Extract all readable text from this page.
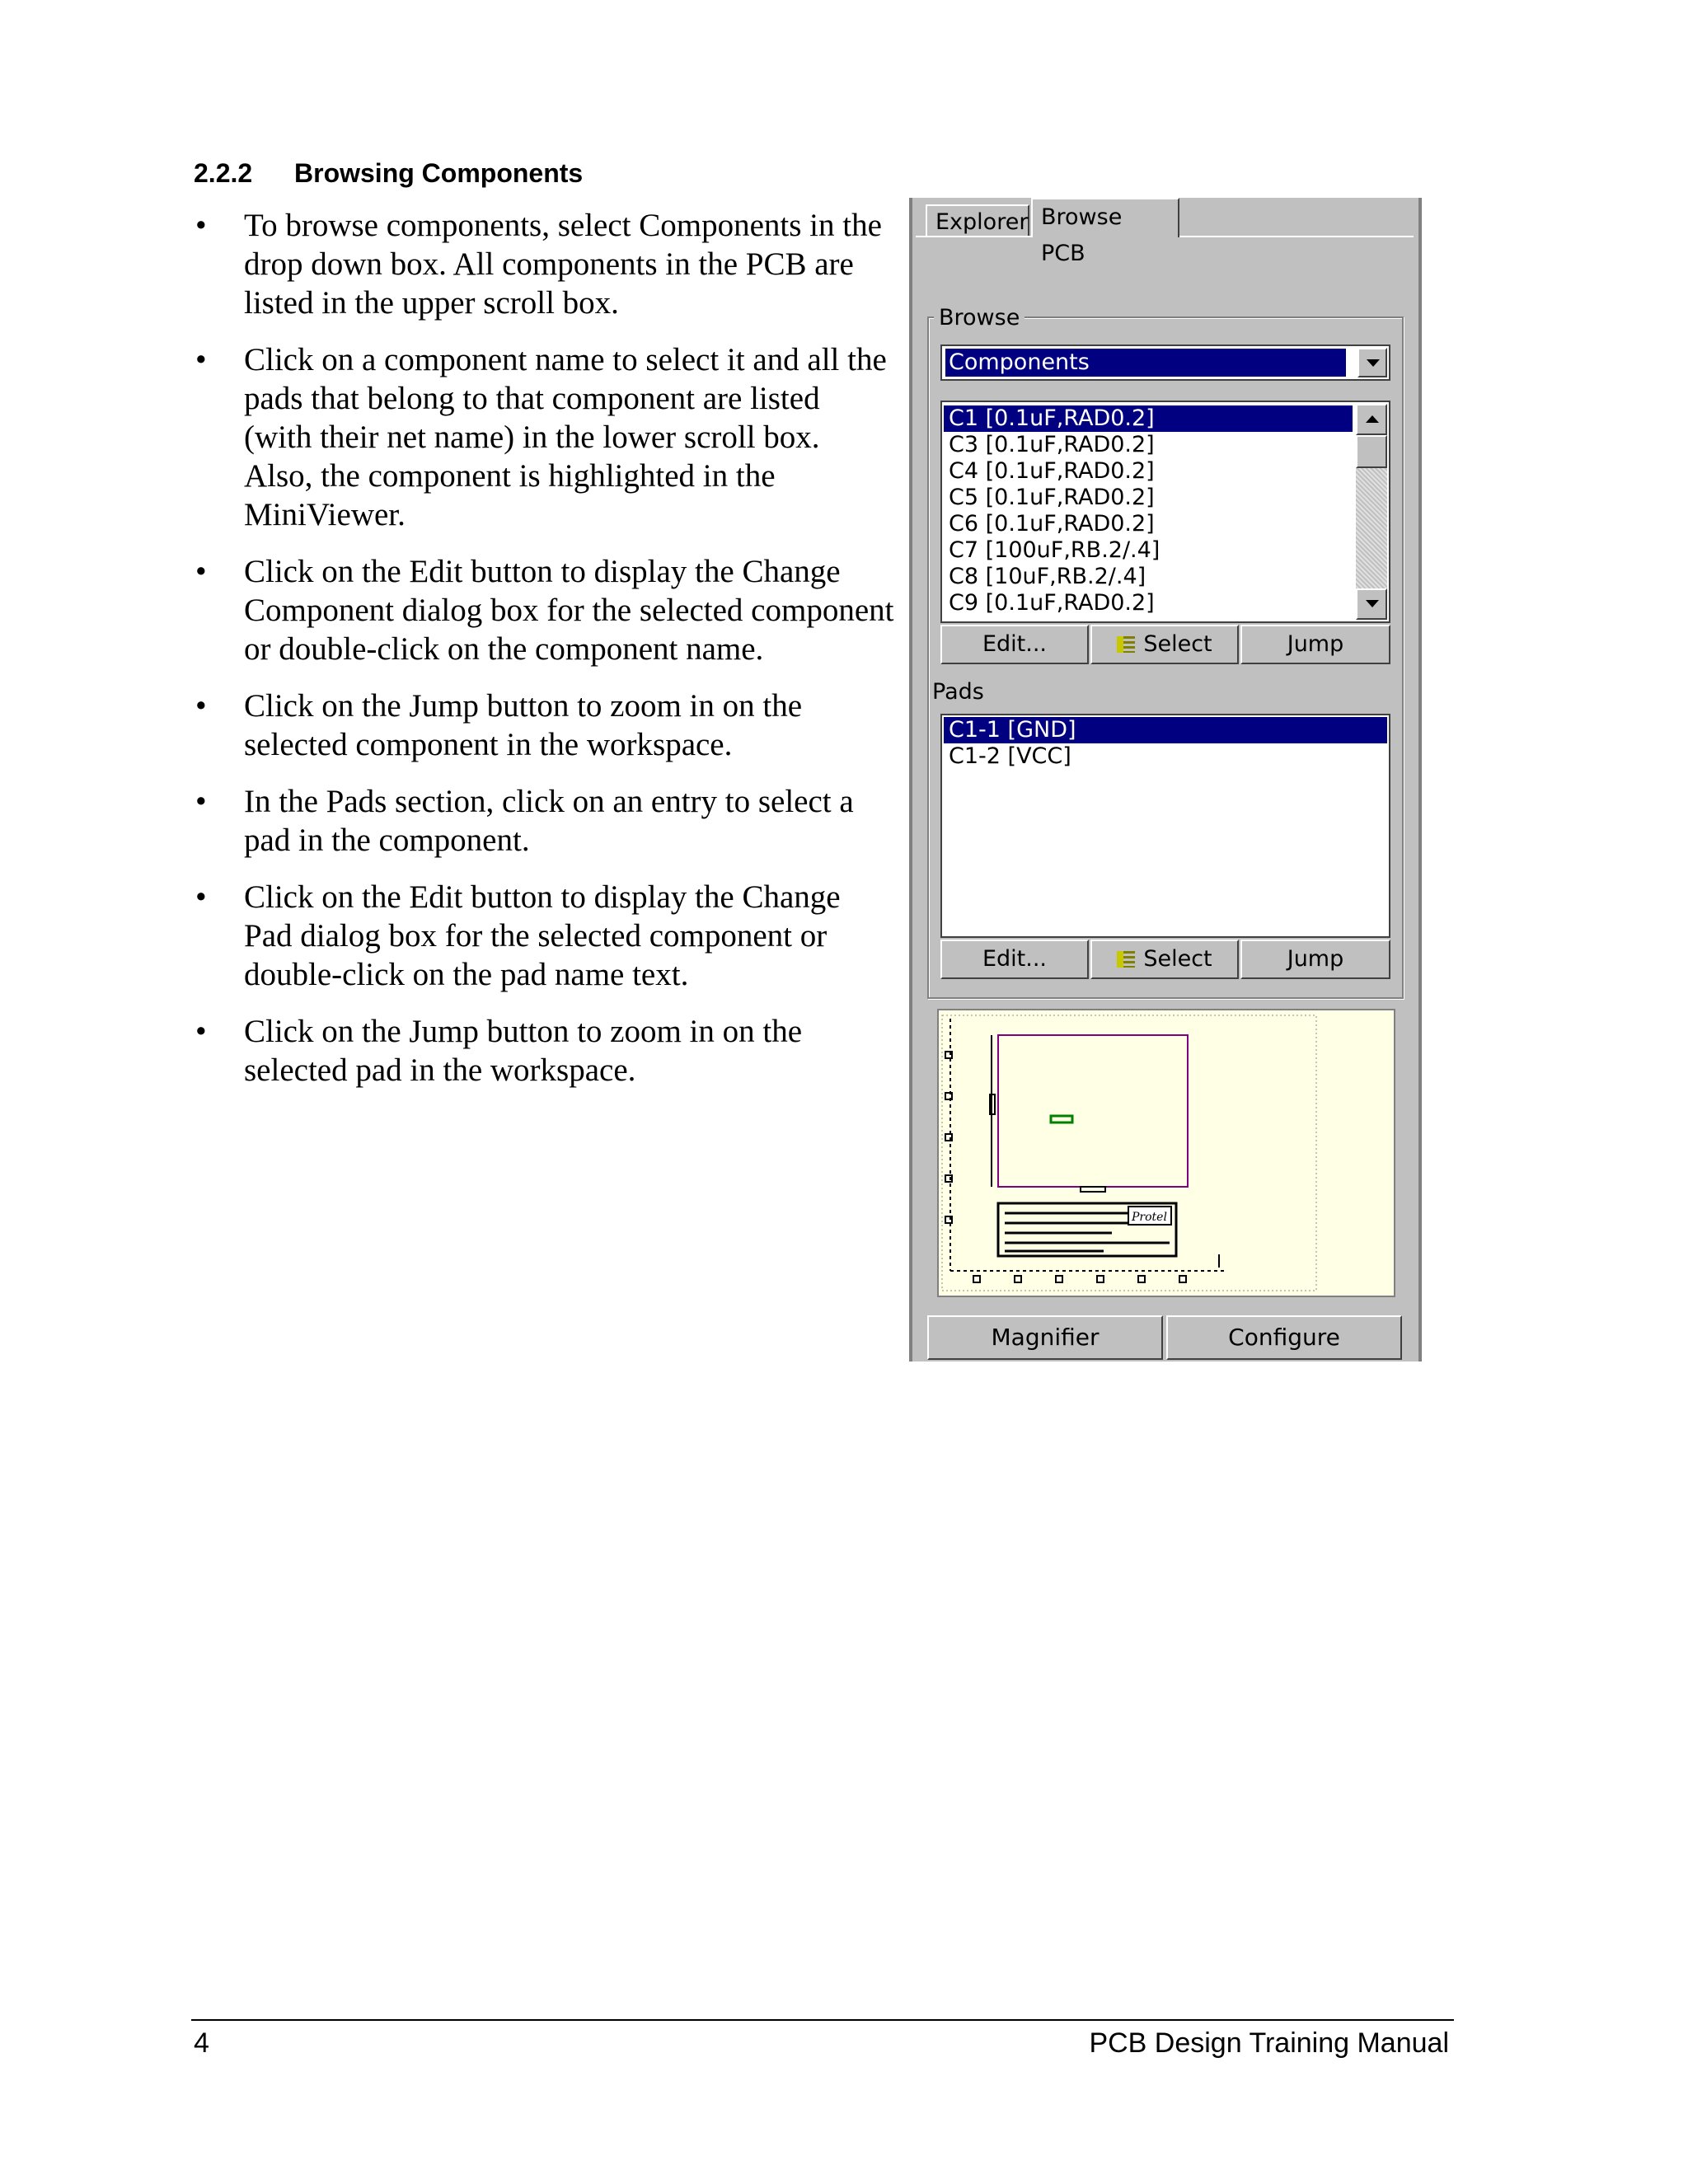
2.2.2 Browsing Components
• To browse components, select Components in the drop down box. All components in the PCB are listed in the upper scroll box.
• Click on a component name to select it and all the pads that belong to that component are listed (with their net name) in the lower scroll box. Also, the component is highlighted in the MiniViewer.
• Click on the Edit button to display the Change Component dialog box for the selected component or double-click on the component name.
• Click on the Jump button to zoom in on the selected component in the workspace.
• In the Pads section, click on an entry to select a pad in the component.
• Click on the Edit button to display the Change Pad dialog box for the selected component or double-click on the pad name text.
• Click on the Jump button to zoom in on the selected pad in the workspace.
Explorer Browse PCB
Browse
Components
C1 [0.1uF,RAD0.2]
C3 [0.1uF,RAD0.2]
C4 [0.1uF,RAD0.2]
C5 [0.1uF,RAD0.2]
C6 [0.1uF,RAD0.2]
C7 [100uF,RB.2/.4]
C8 [10uF,RB.2/.4]
C9 [0.1uF,RAD0.2]
Edit...	Select	Jump
Pads
C1-1 [GND]
C1-2 [VCC]
Edit...	Select	Jump
Protel
Magnifier	Configure
4	PCB Design Training Manual
